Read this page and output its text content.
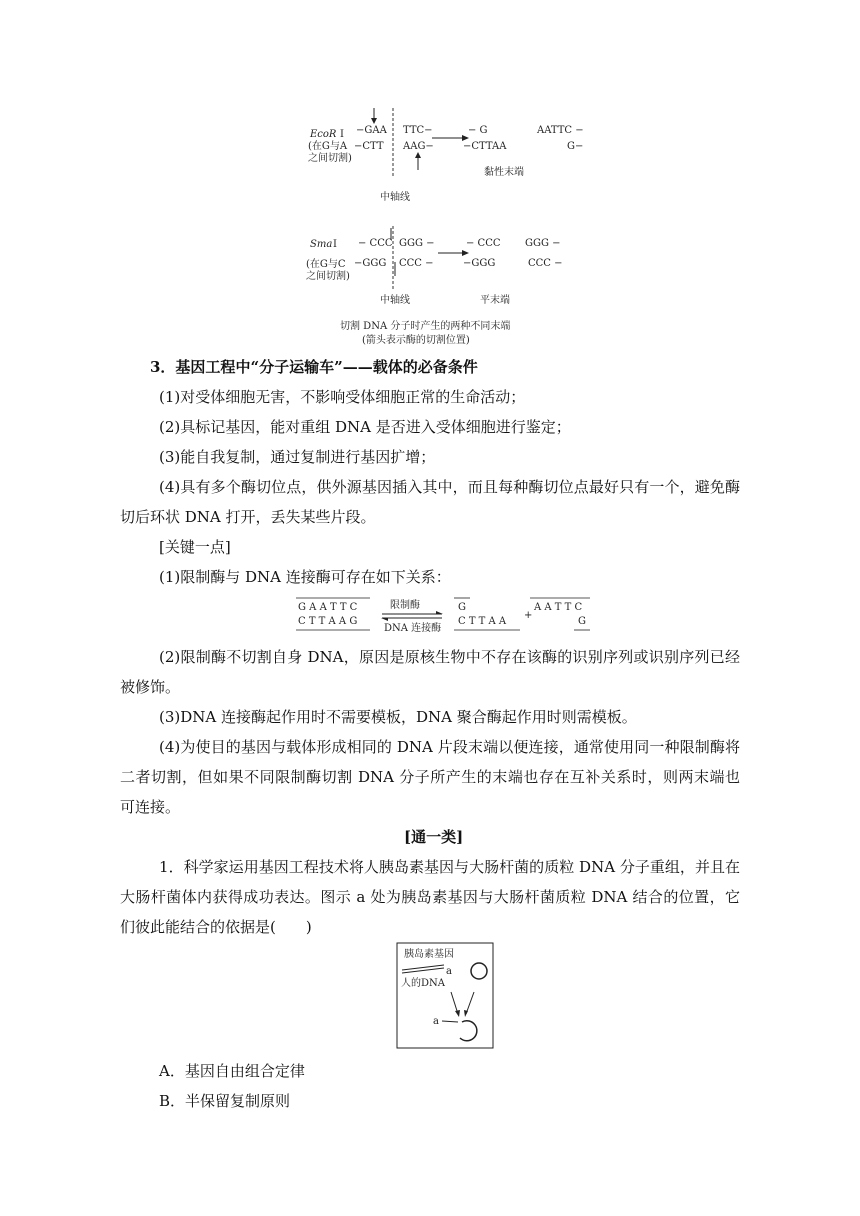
EcoR I
(在G与A
之间切割)
−GAA
−CTT
TTC−
AAG−
− G
−CTTAA
AATTC −
G−
黏性末端
中轴线
Sma I
(在G与C
之间切割)
− CCC
−GGG
GGG −
CCC −
− CCC
−GGG
GGG −
CCC −
中轴线	平末端
切割 DNA 分子时产生的两种不同末端
(箭头表示酶的切割位置)
3．基因工程中“分子运输车”——载体的必备条件
(1)对受体细胞无害，不影响受体细胞正常的生命活动；
(2)具标记基因，能对重组 DNA 是否进入受体细胞进行鉴定；
(3)能自我复制，通过复制进行基因扩增；
(4)具有多个酶切位点，供外源基因插入其中，而且每种酶切位点最好只有一个，避免酶
切后环状 DNA 打开，丢失某些片段。
[关键一点]
(1)限制酶与 DNA 连接酶可存在如下关系：
G A A T T C
C T T A A G
限制酶
DNA 连接酶
G
C T T A A
+
A A T T C
G
(2)限制酶不切割自身 DNA，原因是原核生物中不存在该酶的识别序列或识别序列已经
被修饰。
(3)DNA 连接酶起作用时不需要模板，DNA 聚合酶起作用时则需模板。
(4)为使目的基因与载体形成相同的 DNA 片段末端以便连接，通常使用同一种限制酶将
二者切割，但如果不同限制酶切割 DNA 分子所产生的末端也存在互补关系时，则两末端也
可连接。
[通一类]
1．科学家运用基因工程技术将人胰岛素基因与大肠杆菌的质粒 DNA 分子重组，并且在
大肠杆菌体内获得成功表达。图示 a 处为胰岛素基因与大肠杆菌质粒 DNA 结合的位置，它
们彼此能结合的依据是(　　)
胰岛素基因
a
人的DNA
a
A．基因自由组合定律
B．半保留复制原则
